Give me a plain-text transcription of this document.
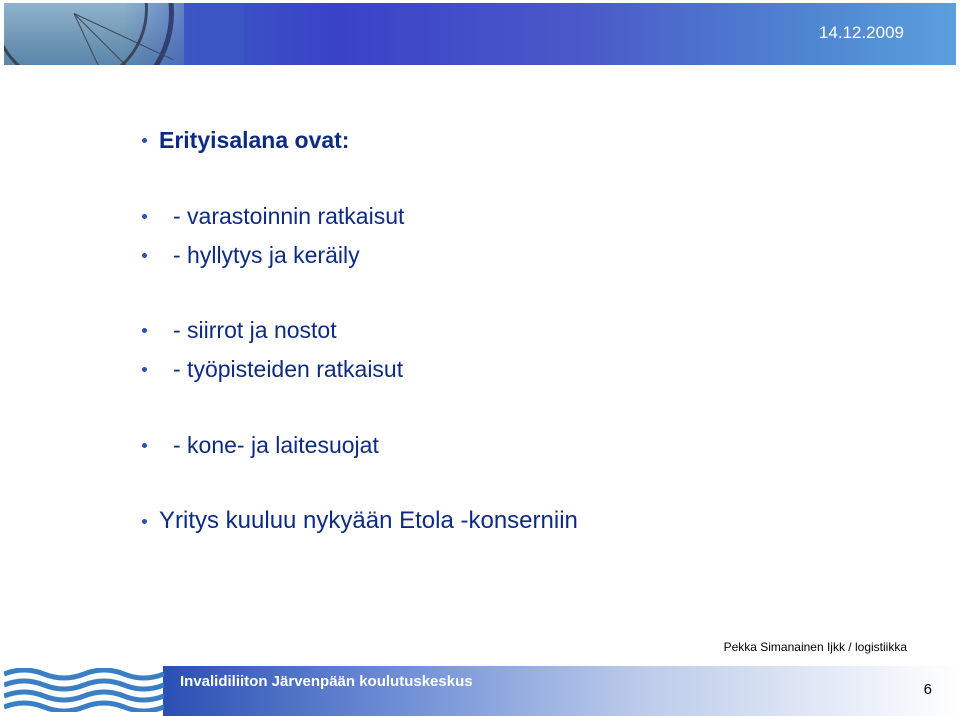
14.12.2009
Erityisalana ovat:
- varastoinnin ratkaisut
- hyllytys ja keräily
- siirrot ja nostot
- työpisteiden ratkaisut
- kone- ja laitesuojat
Yritys kuuluu nykyään Etola -konserniin
Pekka Simanainen Ijkk / logistiikka
Invalidiliiton Järvenpään koulutuskeskus	6
